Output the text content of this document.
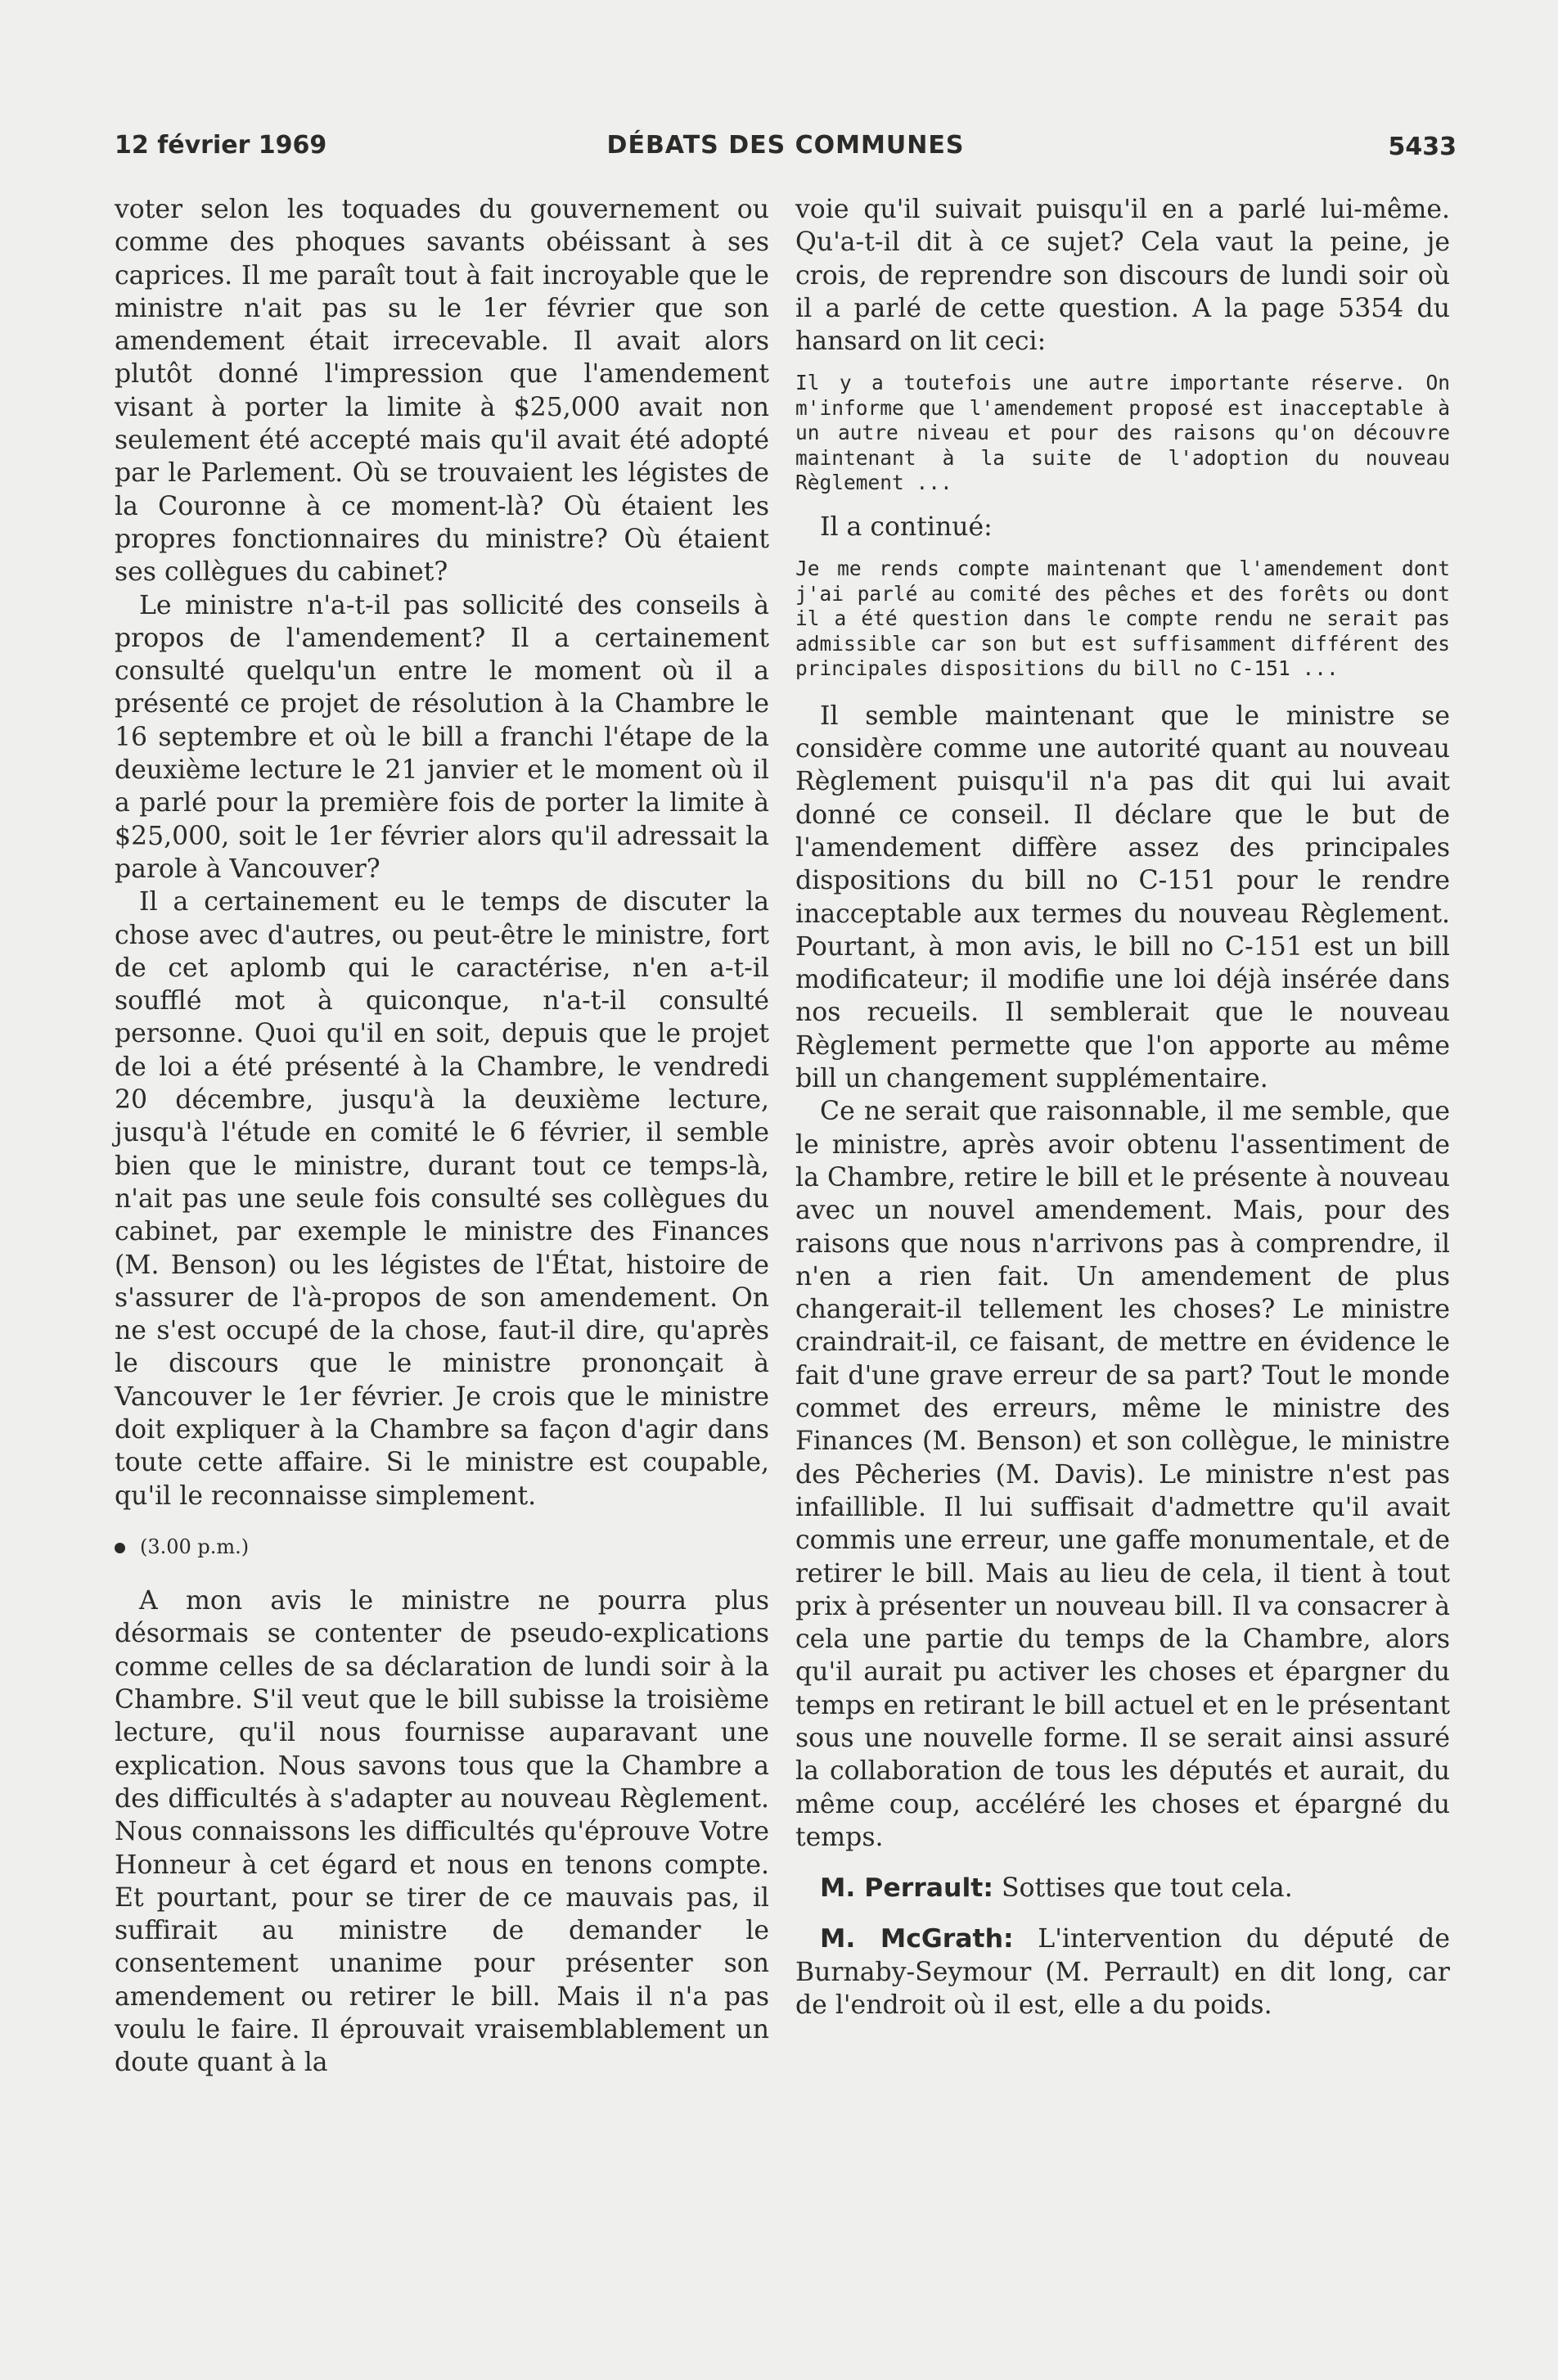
12 février 1969	DÉBATS DES COMMUNES	5433

voter selon les toquades du gouvernement ou comme des phoques savants obéissant à ses caprices. Il me paraît tout à fait incroyable que le ministre n'ait pas su le 1er février que son amendement était irrecevable. Il avait alors plutôt donné l'impression que l'amendement visant à porter la limite à $25,000 avait non seulement été accepté mais qu'il avait été adopté par le Parlement. Où se trouvaient les légistes de la Couronne à ce moment-là? Où étaient les propres fonctionnaires du ministre? Où étaient ses collègues du cabinet?

Le ministre n'a-t-il pas sollicité des conseils à propos de l'amendement? Il a certainement consulté quelqu'un entre le moment où il a présenté ce projet de résolution à la Chambre le 16 septembre et où le bill a franchi l'étape de la deuxième lecture le 21 janvier et le moment où il a parlé pour la première fois de porter la limite à $25,000, soit le 1er février alors qu'il adressait la parole à Vancouver?

Il a certainement eu le temps de discuter la chose avec d'autres, ou peut-être le ministre, fort de cet aplomb qui le caractérise, n'en a-t-il soufflé mot à quiconque, n'a-t-il consulté personne. Quoi qu'il en soit, depuis que le projet de loi a été présenté à la Chambre, le vendredi 20 décembre, jusqu'à la deuxième lecture, jusqu'à l'étude en comité le 6 février, il semble bien que le ministre, durant tout ce temps-là, n'ait pas une seule fois consulté ses collègues du cabinet, par exemple le ministre des Finances (M. Benson) ou les légistes de l'État, histoire de s'assurer de l'à-propos de son amendement. On ne s'est occupé de la chose, faut-il dire, qu'après le discours que le ministre prononçait à Vancouver le 1er février. Je crois que le ministre doit expliquer à la Chambre sa façon d'agir dans toute cette affaire. Si le ministre est coupable, qu'il le reconnaisse simplement.

(3.00 p.m.)

A mon avis le ministre ne pourra plus désormais se contenter de pseudo-explications comme celles de sa déclaration de lundi soir à la Chambre. S'il veut que le bill subisse la troisième lecture, qu'il nous fournisse auparavant une explication. Nous savons tous que la Chambre a des difficultés à s'adapter au nouveau Règlement. Nous connaissons les difficultés qu'éprouve Votre Honneur à cet égard et nous en tenons compte. Et pourtant, pour se tirer de ce mauvais pas, il suffirait au ministre de demander le consentement unanime pour présenter son amendement ou retirer le bill. Mais il n'a pas voulu le faire. Il éprouvait vraisemblablement un doute quant à la

voie qu'il suivait puisqu'il en a parlé lui-même. Qu'a-t-il dit à ce sujet? Cela vaut la peine, je crois, de reprendre son discours de lundi soir où il a parlé de cette question. A la page 5354 du hansard on lit ceci:

Il y a toutefois une autre importante réserve. On m'informe que l'amendement proposé est inacceptable à un autre niveau et pour des raisons qu'on découvre maintenant à la suite de l'adoption du nouveau Règlement ...

Il a continué:

Je me rends compte maintenant que l'amendement dont j'ai parlé au comité des pêches et des forêts ou dont il a été question dans le compte rendu ne serait pas admissible car son but est suffisamment différent des principales dispositions du bill no C-151 ...

Il semble maintenant que le ministre se considère comme une autorité quant au nouveau Règlement puisqu'il n'a pas dit qui lui avait donné ce conseil. Il déclare que le but de l'amendement diffère assez des principales dispositions du bill no C-151 pour le rendre inacceptable aux termes du nouveau Règlement. Pourtant, à mon avis, le bill no C-151 est un bill modificateur; il modifie une loi déjà insérée dans nos recueils. Il semblerait que le nouveau Règlement permette que l'on apporte au même bill un changement supplémentaire.

Ce ne serait que raisonnable, il me semble, que le ministre, après avoir obtenu l'assentiment de la Chambre, retire le bill et le présente à nouveau avec un nouvel amendement. Mais, pour des raisons que nous n'arrivons pas à comprendre, il n'en a rien fait. Un amendement de plus changerait-il tellement les choses? Le ministre craindrait-il, ce faisant, de mettre en évidence le fait d'une grave erreur de sa part? Tout le monde commet des erreurs, même le ministre des Finances (M. Benson) et son collègue, le ministre des Pêcheries (M. Davis). Le ministre n'est pas infaillible. Il lui suffisait d'admettre qu'il avait commis une erreur, une gaffe monumentale, et de retirer le bill. Mais au lieu de cela, il tient à tout prix à présenter un nouveau bill. Il va consacrer à cela une partie du temps de la Chambre, alors qu'il aurait pu activer les choses et épargner du temps en retirant le bill actuel et en le présentant sous une nouvelle forme. Il se serait ainsi assuré la collaboration de tous les députés et aurait, du même coup, accéléré les choses et épargné du temps.

M. Perrault: Sottises que tout cela.

M. McGrath: L'intervention du député de Burnaby-Seymour (M. Perrault) en dit long, car de l'endroit où il est, elle a du poids.
